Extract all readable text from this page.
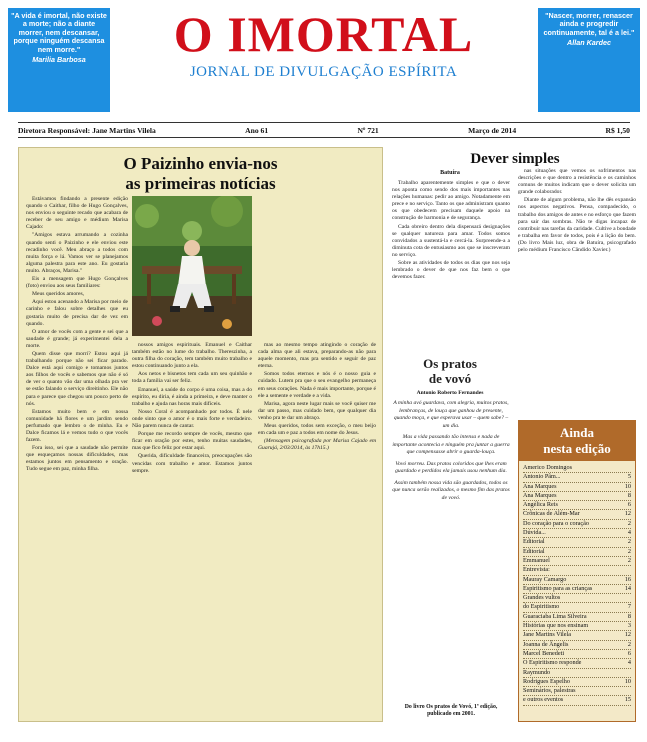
"A vida é imortal, não existe a morte; não a diante morrer, nem descansar, porque ninguém descansa nem morre."
Marilia Barbosa
"Nascer, morrer, renascer ainda e progredir continuamente, tal é a lei."
Allan Kardec
O IMORTAL
JORNAL DE DIVULGAÇÃO ESPÍRITA
Diretora Responsável: Jane Martins Vilela	Ano 61	Nº 721	Março de 2014	R$ 1,50
O Paizinho envia-nos
as primeiras notícias

Estávamos findando a presente edição quando o Caithar, filho de Hugo Gonçalves, nos enviou o seguinte recado que acabara de receber de seu amigo e médium Marisa Cajado:

"Amigos estava arrumando a cozinha quando senti o Paizinho e ele enviou este recadinho você. Meu abraço a todos com muita força e lá. Vamos ver se planejamos alguma palestra para este ano. Eu gostaria muito. Abraços, Marisa."

Eis a mensagem que Hugo Gonçalves (foto) enviou aos seus familiares:

Meus queridos amores,

Aqui estou acenando a Marisa por meio de carinho e falou sobre detalhes que eu gostaria muito de precisa dar de vez em quando.

O amor de vocês com a gente e sei que a saudade é grande; já experimentei dela a morte.

Quem disse que morri? Estou aqui já trabalhando porque não sei ficar parado. Dalce está aqui comigo e tomamos juntos aos filhos de vocês e sabemos que não é só de ver o quanto vão dar uma olhada pra ver se estão falando o serviço direitinho. Ele não para e parece que chegou um pouco perto de nós.

Estamos muito bem e em nossa comunidade há flores e um jardim sendo perfumado que lembro o de minha. Eu e Dalce ficamos lá e vemos tudo o que vocês fazem.

Fora isso, sei que a saudade não permite que esqueçamos nossas dificuldades, mas estamos juntos em pensamento e oração. Tudo segue em paz, minha filha.

nossos amigos espirituais. Emanuel e Caithar também estão no lume do trabalho. Thereszinha, a outra filha do coração, tem também muito trabalho e estou continuando junto a ela.

Aos netos e bisnetos tem cada um seu quinhão e toda a família vai ser feliz.

Emanuel, a saúde do corpo é uma coisa, mas a do espírito, eu diria, é ainda a primeira, e deve manter o trabalho e ajuda nas horas mais difíceis.

Nosso Coral é acompanhado por todos. É nele onde sinto que o amor é o mais forte e verdadeiro. Não parem nunca de cantar.

Porque me recordo sempre de vocês, mesmo que ficar em oração por estes, tenho muitas saudades, mas que fico feliz por estar aqui.

Querida, dificuldade financeira, preocupações são vencidas com trabalho e amor. Estamos juntos sempre.

mas ao mesmo tempo atingindo o coração de cada alma que ali estava, preparando-as não para aquele momento, mas pra sentido e seguir de paz eterna.

Somos todos eternos e nós é o nosso guia e cuidado. Lutem pra que o seu evangelho permaneça em seus corações. Nada é mais importante, porque é ele a semente e verdade e a vida.

Marisa, agora neste lugar mais se você quiser me dar um passo, mas cuidado bem, que qualquer dia venho pra te dar um abraço.

Meus queridos, todos sem exceção, o meu beijo em cada um e paz a todos em nome do Jesus.

(Mensagem psicografada por Marisa Cajado em Guarujá, 2/03/2014, às 17h15.)

Dever simples
Batuíra

Trabalho aparentemente simples e que o dever nos aponta como sendo dos mais importantes nas relações humanas: pedir ao amigo. Notadamente em prece e no serviço. Tanto os que administram quanto os que obedecem precisam daquele apoio na construção de harmonia e de segurança.

Cada obreiro dentro dela dispensará designações se qualquer natureza para amar. Todos somos convidados a sustentá-la e cercá-la. Surpreende-a a diminuta cota de entusiasmo aos que se inscreveram no serviço.

Sobre as atividades de todos os dias que nos seja lembrado o dever de que nos faz bem o que devemos fazer.

nas situações que vemos os sofrimentos nas descrições e que dentro a resistência e os caminhos comuns de muitos indicam que o dever solicita um grande colaborador.

Diante de algum problema, não lhe dês expansão nos aspectos negativos. Pensa, compadecido, o trabalho dos amigos de antes e no esforço que fazem para sair das sombras. Não te digas incapaz de contribuir nas tarefas da caridade. Cultive a bondade e trabalha em favor de todos, pois é a lição do bem. (Do livro Mais luz, obra de Batuíra, psicografado pelo médium Francisco Cândido Xavier.)

Os pratos
de vovó
Antonio Roberto Fernandes

A minha avó guardava, com alegria, muitos pratos, lembranças, de louça que ganhou de presente, quando moça, e que esperava usar – quem sabe? – um dia.

Mas a vida passando tão intensa e nada de importante acontecia e ninguém pra juntar a guerra que compensasse abrir o guarda-louça.

Vovó morreu. Das pratos coloridos que lhes eram guardado e perdidos ela jamais usou nenhum dia.

Assim também nossa vida são guardados, todos os que nunca serão realizados, o mesmo fim das pratos de vovó.

Do livro Os pratos de Vovó, 1ª edição, publicado em 2001.
Ainda
nesta edição
Americo Domingos
Antonio Pâm...	5
Ana Marques	10
Ana Marques	8
Angélica Reis	6
Crônicas de Além-Mar	12
Do coração para o coração	2
Dúvida...	4
Editorial	2
Editorial	2
Emmanuel	2
Entrevista:
Mauray Camargo	16
Espiritismo para as crianças	14
Grandes vultos
do Espiritismo	7
Guaraciaba Lima Silveira	8
Histórias que nos ensinam	3
Jane Martins Vilela	12
Joanna de Ângelis	2
Marcel Benedeti	6
O Espiritismo responde	4
Raymundo
Rodrigues Espelho	10
Seminários, palestras
e outros eventos	15
